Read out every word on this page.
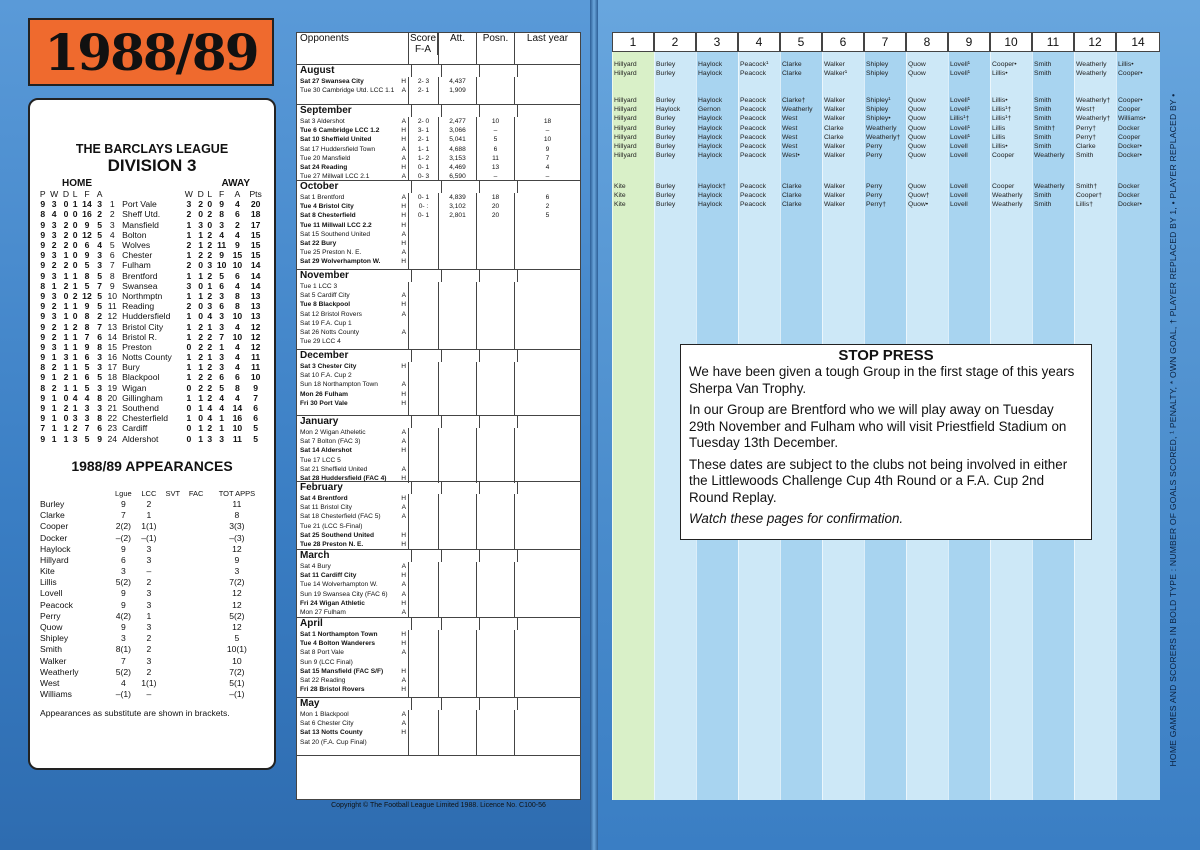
1988/89
THE BARCLAYS LEAGUE
DIVISION 3
HOME	AWAY
P	W	D	L	F	A			W	D	L	F	A	Pts
9	3	0	1	14	3	1	Port Vale	3	2	0	9	4	20
8	4	0	0	16	2	2	Sheff Utd.	2	0	2	8	6	18
9	3	2	0	9	5	3	Mansfield	1	3	0	3	2	17
9	3	2	0	12	5	4	Bolton	1	1	2	4	4	15
9	2	2	0	6	4	5	Wolves	2	1	2	11	9	15
9	3	1	0	9	3	6	Chester	1	2	2	9	15	15
9	2	2	0	5	3	7	Fulham	2	0	3	10	10	14
9	3	1	1	8	5	8	Brentford	1	1	2	5	6	14
8	1	2	1	5	7	9	Swansea	3	0	1	6	4	14
9	3	0	2	12	5	10	Northmptn	1	1	2	3	8	13
9	2	1	1	9	5	11	Reading	2	0	3	6	8	13
9	3	1	0	8	2	12	Huddersfield	1	0	4	3	10	13
9	2	1	2	8	7	13	Bristol City	1	2	1	3	4	12
9	2	1	1	7	6	14	Bristol R.	1	2	2	7	10	12
9	3	1	1	9	8	15	Preston	0	2	2	1	4	12
9	1	3	1	6	3	16	Notts County	1	2	1	3	4	11
8	2	1	1	5	3	17	Bury	1	1	2	3	4	11
9	1	2	1	6	5	18	Blackpool	1	2	2	6	6	10
8	2	1	1	5	3	19	Wigan	0	2	2	5	8	9
9	1	0	4	4	8	20	Gillingham	1	1	2	4	4	7
9	1	2	1	3	3	21	Southend	0	1	4	4	14	6
9	1	0	3	3	8	22	Chesterfield	1	0	4	1	16	6
7	1	1	2	7	6	23	Cardiff	0	1	2	1	10	5
9	1	1	3	5	9	24	Aldershot	0	1	3	3	11	5
1988/89 APPEARANCES
	Lgue	LCC	SVT	FAC	TOT APPS
Burley	9	2			11
Clarke	7	1			8
Cooper	2(2)	1(1)			3(3)
Docker	–(2)	–(1)			–(3)
Haylock	9	3			12
Hillyard	6	3			9
Kite	3	–			3
Lillis	5(2)	2			7(2)
Lovell	9	3			12
Peacock	9	3			12
Perry	4(2)	1			5(2)
Quow	9	3			12
Shipley	3	2			5
Smith	8(1)	2			10(1)
Walker	7	3			10
Weatherly	5(2)	2			7(2)
West	4	1(1)			5(1)
Williams	–(1)	–			–(1)
Appearances as substitute are shown in brackets.
Opponents	Score
F-A
Att.	Posn.	Last year
August
Sat 27 Swansea City	H	2- 3	4,437
Tue 30 Cambridge Utd. LCC 1.1 A	2- 1	1,909
September
Sat 3 Aldershot	A	2- 0	2,477	10	18
Tue 6 Cambridge LCC 1.2	H	3- 1	3,066	–	–
Sat 10 Sheffield United	H	2- 1	5,041	5	10
Sat 17 Huddersfield Town	A	1- 1	4,688	6	9
Tue 20 Mansfield	A	1- 2	3,153	11	7
Sat 24 Reading	H	0- 1	4,469	13	4
Tue 27 Millwall LCC 2.1	A	0- 3	6,590	–	–
October
Sat 1 Brentford	A	0- 1	4,839	18	6
Tue 4 Bristol City	H	0- :	3,102	20	2
Sat 8 Chesterfield	H	0- 1	2,801	20	5
Tue 11 Millwall LCC 2.2	H
Sat 15 Southend United	A
Sat 22 Bury	H
Tue 25 Preston N. E.	A
Sat 29 Wolverhampton W.	H
November
Tue 1 LCC 3
Sat 5 Cardiff City	A
Tue 8 Blackpool	H
Sat 12 Bristol Rovers	A
Sat 19 F.A. Cup 1
Sat 26 Notts County	A
Tue 29 LCC 4
December
Sat 3 Chester City	H
Sat 10 F.A. Cup 2
Sun 18 Northampton Town	A
Mon 26 Fulham	H
Fri 30 Port Vale	H
January
Mon 2 Wigan Atheletic	A
Sat 7 Bolton (FAC 3)	A
Sat 14 Aldershot	H
Tue 17 LCC 5
Sat 21 Sheffield United	A
Sat 28 Huddersfield (FAC 4) H
February
Sat 4 Brentford	H
Sat 11 Bristol City	A
Sat 18 Chesterfield (FAC 5)	A
Tue 21 (LCC S-Final)
Sat 25 Southend United	H
Tue 28 Preston N. E.	H
March
Sat 4 Bury	A
Sat 11 Cardiff City	H
Tue 14 Wolverhampton W.	A
Sun 19 Swansea City (FAC 6) A
Fri 24 Wigan Athletic	H
Mon 27 Fulham	A
April
Sat 1 Northampton Town	H
Tue 4 Bolton Wanderers	H
Sat 8 Port Vale	A
Sun 9 (LCC Final)
Sat 15 Mansfield (FAC S/F)	H
Sat 22 Reading	A
Fri 28 Bristol Rovers	H
May
Mon 1 Blackpool	A
Sat 6 Chester City	A
Sat 13 Notts County	H
Sat 20 (F.A. Cup Final)
Copyright © The Football League Limited 1988. Licence No. C100-56
1	2	3	4	5	6	7	8	9	10	11	12	14
Hillyard	Burley	Haylock	Peacock¹	Clarke	Walker	Shipley	Quow	Lovell¹	Cooper•	Smith	Weatherly	Lillis•
Hillyard	Burley	Haylock	Peacock	Clarke	Walker¹	Shipley	Quow	Lovell¹	Lillis•	Smith	Weatherly	Cooper•
Hillyard	Burley	Haylock	Peacock	Clarke†	Walker	Shipley¹	Quow	Lovell¹	Lillis•	Smith	Weatherly†	Cooper•
Hillyard	Haylock	Gernon	Peacock	Weatherly	Walker	Shipley	Quow	Lovell¹	Lillis¹†	Smith	West†	Cooper
Hillyard	Burley	Haylock	Peacock	West	Walker	Shipley•	Quow	Lillis¹†	Lillis¹†	Smith	Weatherly†	Williams•
Hillyard	Burley	Haylock	Peacock	West	Clarke	Weatherly	Quow	Lovell¹	Lillis	Smith†	Perry†	Docker
Hillyard	Burley	Haylock	Peacock	West	Clarke	Weatherly†	Quow	Lovell¹	Lillis	Smith	Perry†	Cooper
Hillyard	Burley	Haylock	Peacock	West	Walker	Perry	Quow	Lovell	Lillis•	Smith	Clarke	Docker•
Hillyard	Burley	Haylock	Peacock	West•	Walker	Perry	Quow	Lovell	Cooper	Weatherly	Smith	Docker•
Kite	Burley	Haylock†	Peacock	Clarke	Walker	Perry	Quow	Lovell	Cooper	Weatherly	Smith†	Docker
Kite	Burley	Haylock	Peacock	Clarke	Walker	Perry	Quow†	Lovell	Weatherly	Smith	Cooper†	Docker
Kite	Burley	Haylock	Peacock	Clarke	Walker	Perry†	Quow•	Lovell	Weatherly	Smith	Lillis†	Docker•
STOP PRESS

We have been given a tough Group in the first stage of this years Sherpa Van Trophy.

In our Group are Brentford who we will play away on Tuesday 29th November and Fulham who will visit Priestfield Stadium on Tuesday 13th December.

These dates are subject to the clubs not being involved in either the Littlewoods Challenge Cup 4th Round or a F.A. Cup 2nd Round Replay.

Watch these pages for confirmation.	HOME GAMES AND SCORERS IN BOLD TYPE : NUMBER OF GOALS SCORED, ¹ PENALTY, * OWN GOAL, † PLAYER REPLACED BY 1, • PLAYER REPLACED BY •
